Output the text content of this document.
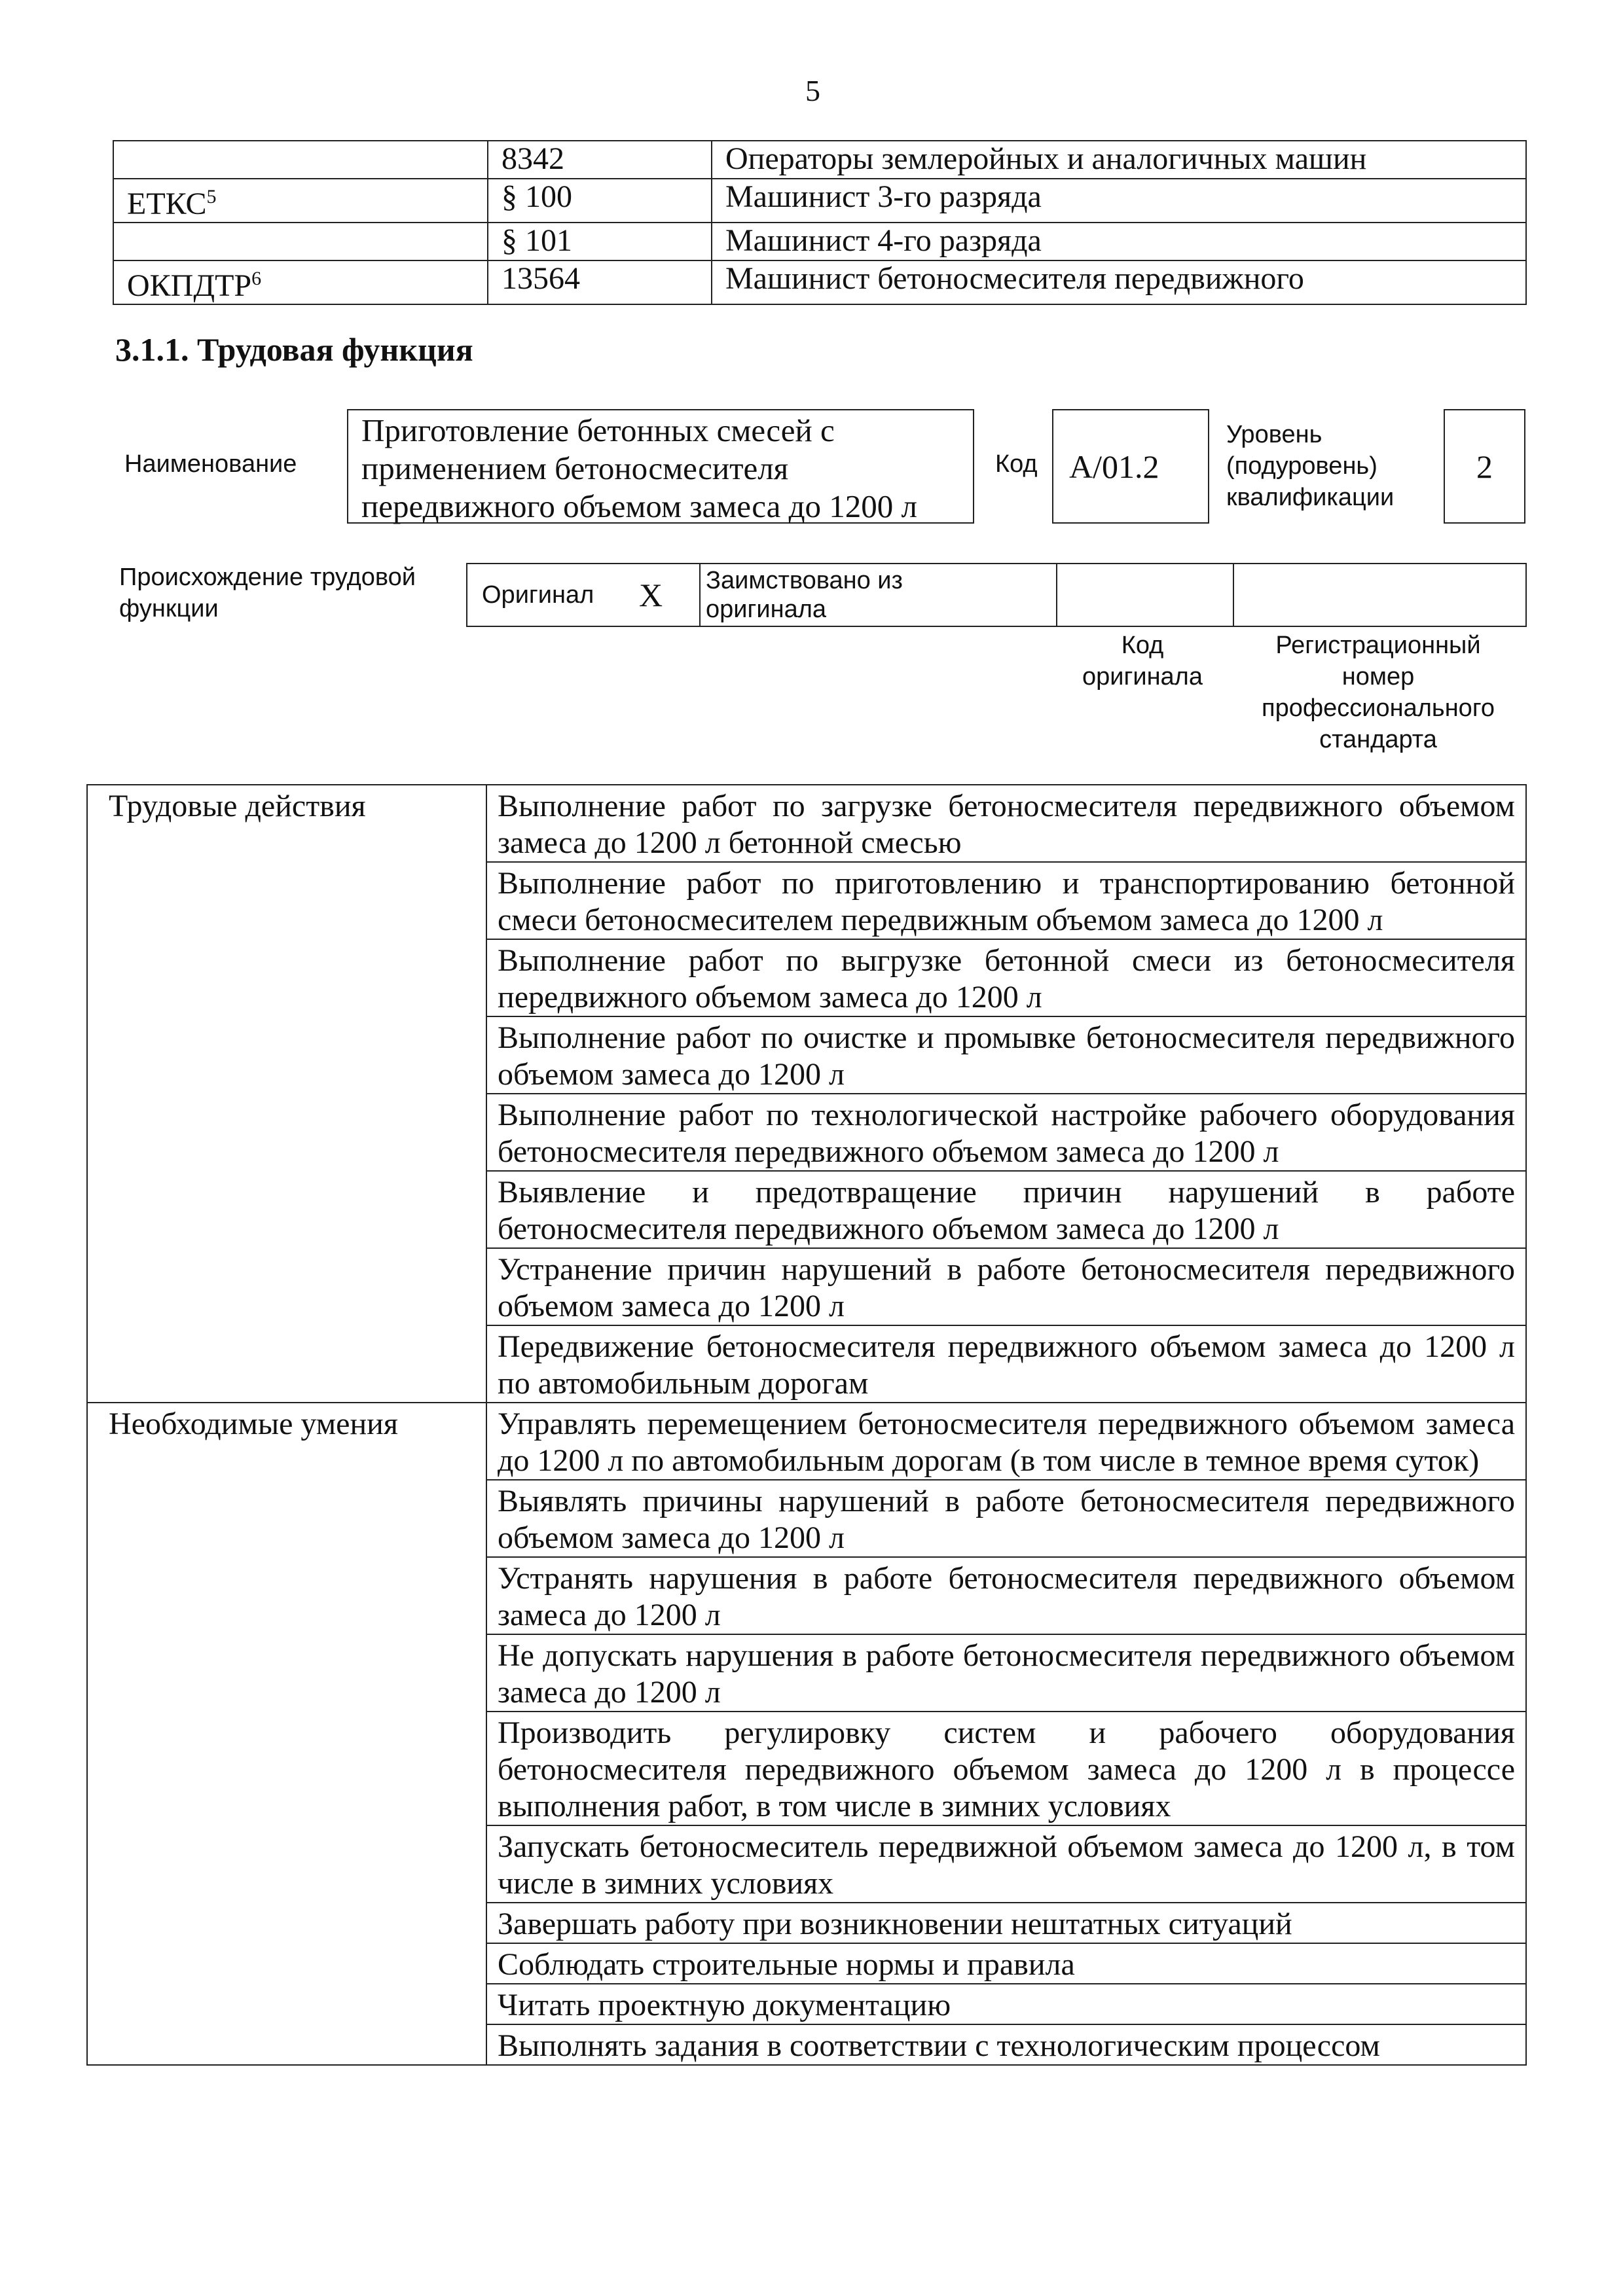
5
	8342	Операторы землеройных и аналогичных машин
ЕТКС$^5$	§ 100	Машинист 3-го разряда
	§ 101	Машинист 4-го разряда
ОКПДТР$^6$	13564	Машинист бетоносмесителя передвижного
3.1.1. Трудовая функция
Наименование
Приготовление бетонных смесей с
применением бетоносмесителя
передвижного объемом замеса до 1200 л
Код A/01.2
Уровень
(подуровень)
квалификации
2
Происхождение трудовой
функции
Оригинал	X	Заимствовано из
оригинала

Код
оригинала
Регистрационный
номер
профессионального
стандарта
Трудовые действия	Выполнение работ по загрузке бетоносмесителя передвижного объемом замеса до 1200 л бетонной смесью
	Выполнение работ по приготовлению и транспортированию бетонной смеси бетоносмесителем передвижным объемом замеса до 1200 л
	Выполнение работ по выгрузке бетонной смеси из бетоносмесителя передвижного объемом замеса до 1200 л
	Выполнение работ по очистке и промывке бетоносмесителя передвижного объемом замеса до 1200 л
	Выполнение работ по технологической настройке рабочего оборудования бетоносмесителя передвижного объемом замеса до 1200 л
	Выявление и предотвращение причин нарушений в работе бетоносмесителя передвижного объемом замеса до 1200 л
	Устранение причин нарушений в работе бетоносмесителя передвижного объемом замеса до 1200 л
	Передвижение бетоносмесителя передвижного объемом замеса до 1200 л по автомобильным дорогам
Необходимые умения	Управлять перемещением бетоносмесителя передвижного объемом замеса до 1200 л по автомобильным дорогам (в том числе в темное время суток)
	Выявлять причины нарушений в работе бетоносмесителя передвижного объемом замеса до 1200 л
	Устранять нарушения в работе бетоносмесителя передвижного объемом замеса до 1200 л
	Не допускать нарушения в работе бетоносмесителя передвижного объемом замеса до 1200 л
	Производить регулировку систем и рабочего оборудования бетоносмесителя передвижного объемом замеса до 1200 л в процессе выполнения работ, в том числе в зимних условиях
	Запускать бетоносмеситель передвижной объемом замеса до 1200 л, в том числе в зимних условиях
	Завершать работу при возникновении нештатных ситуаций
	Соблюдать строительные нормы и правила
	Читать проектную документацию
	Выполнять задания в соответствии с технологическим процессом
